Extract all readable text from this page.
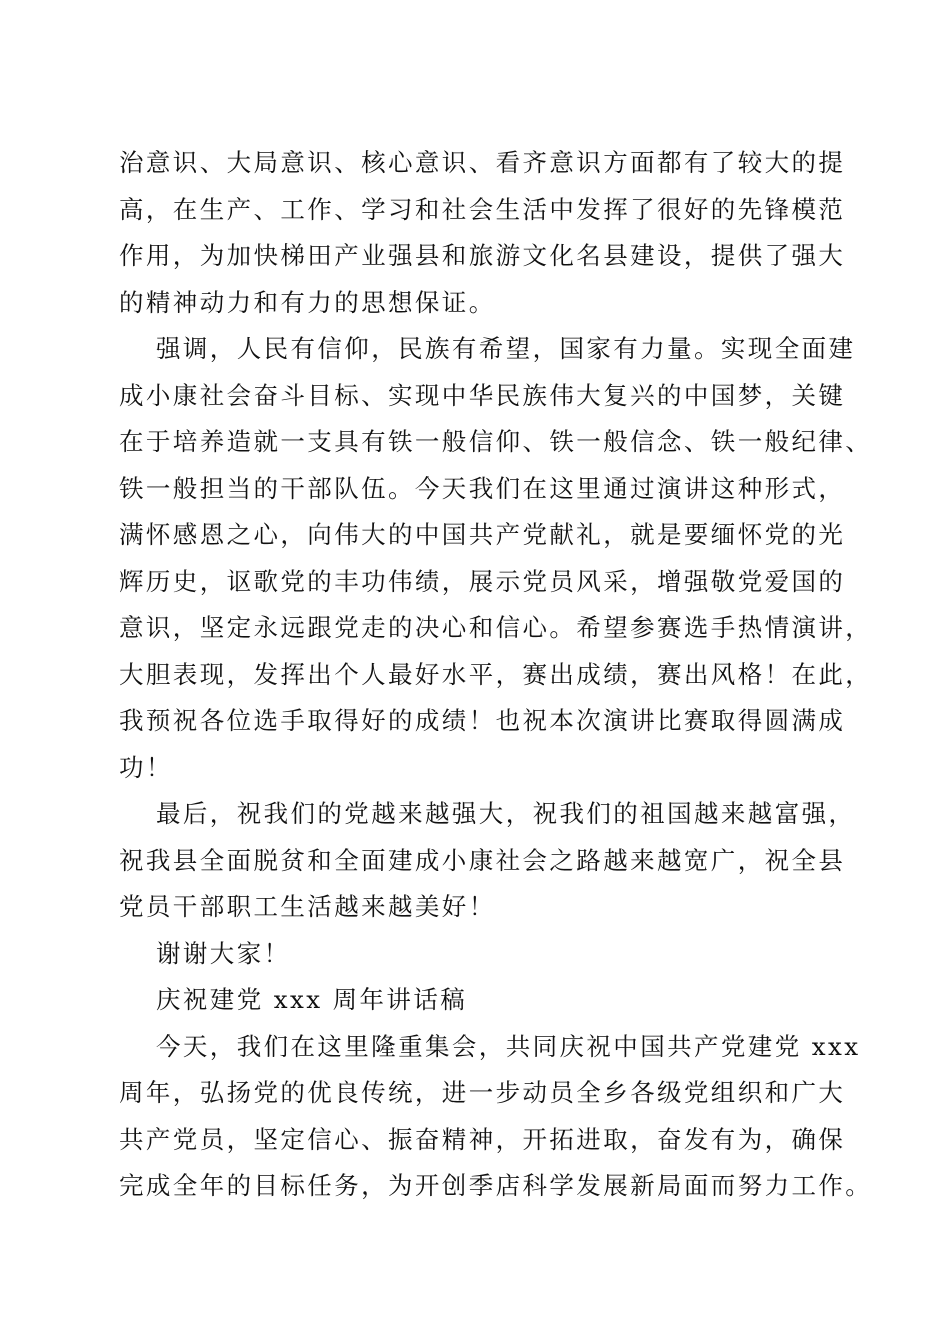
治意识、大局意识、核心意识、看齐意识方面都有了较大的提
高，在生产、工作、学习和社会生活中发挥了很好的先锋模范
作用，为加快梯田产业强县和旅游文化名县建设，提供了强大
的精神动力和有力的思想保证。
强调，人民有信仰，民族有希望，国家有力量。实现全面建
成小康社会奋斗目标、实现中华民族伟大复兴的中国梦，关键
在于培养造就一支具有铁一般信仰、铁一般信念、铁一般纪律、
铁一般担当的干部队伍。今天我们在这里通过演讲这种形式，
满怀感恩之心，向伟大的中国共产党献礼，就是要缅怀党的光
辉历史，讴歌党的丰功伟绩，展示党员风采，增强敬党爱国的
意识，坚定永远跟党走的决心和信心。希望参赛选手热情演讲，
大胆表现，发挥出个人最好水平，赛出成绩，赛出风格！在此，
我预祝各位选手取得好的成绩！也祝本次演讲比赛取得圆满成
功！
最后，祝我们的党越来越强大，祝我们的祖国越来越富强，
祝我县全面脱贫和全面建成小康社会之路越来越宽广，祝全县
党员干部职工生活越来越美好！
谢谢大家！
庆祝建党 xxx 周年讲话稿
今天，我们在这里隆重集会，共同庆祝中国共产党建党 xxx
周年，弘扬党的优良传统，进一步动员全乡各级党组织和广大
共产党员，坚定信心、振奋精神，开拓进取，奋发有为，确保
完成全年的目标任务，为开创季店科学发展新局面而努力工作。
